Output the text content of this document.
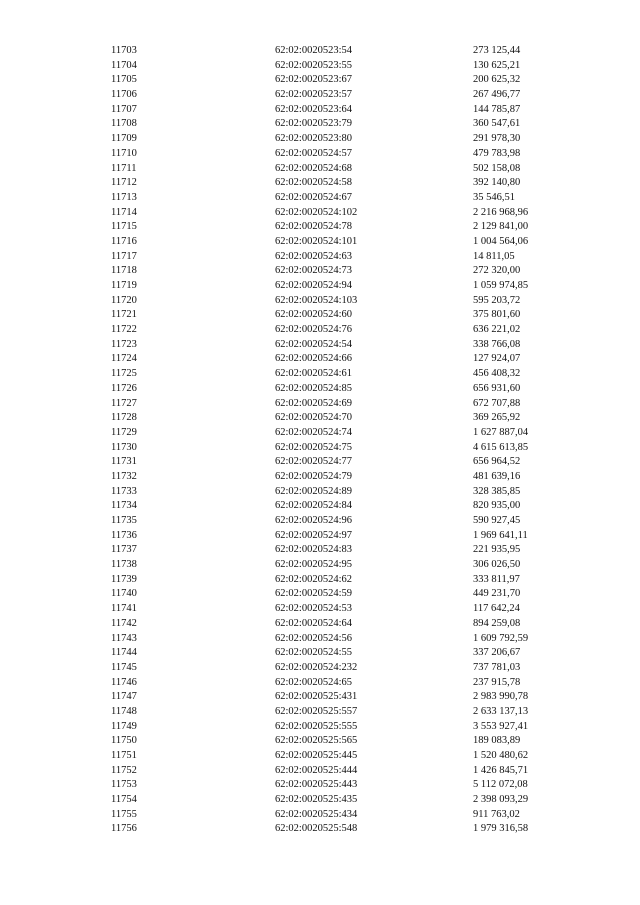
11703	62:02:0020523:54	273 125,44
11704	62:02:0020523:55	130 625,21
11705	62:02:0020523:67	200 625,32
11706	62:02:0020523:57	267 496,77
11707	62:02:0020523:64	144 785,87
11708	62:02:0020523:79	360 547,61
11709	62:02:0020523:80	291 978,30
11710	62:02:0020524:57	479 783,98
11711	62:02:0020524:68	502 158,08
11712	62:02:0020524:58	392 140,80
11713	62:02:0020524:67	35 546,51
11714	62:02:0020524:102	2 216 968,96
11715	62:02:0020524:78	2 129 841,00
11716	62:02:0020524:101	1 004 564,06
11717	62:02:0020524:63	14 811,05
11718	62:02:0020524:73	272 320,00
11719	62:02:0020524:94	1 059 974,85
11720	62:02:0020524:103	595 203,72
11721	62:02:0020524:60	375 801,60
11722	62:02:0020524:76	636 221,02
11723	62:02:0020524:54	338 766,08
11724	62:02:0020524:66	127 924,07
11725	62:02:0020524:61	456 408,32
11726	62:02:0020524:85	656 931,60
11727	62:02:0020524:69	672 707,88
11728	62:02:0020524:70	369 265,92
11729	62:02:0020524:74	1 627 887,04
11730	62:02:0020524:75	4 615 613,85
11731	62:02:0020524:77	656 964,52
11732	62:02:0020524:79	481 639,16
11733	62:02:0020524:89	328 385,85
11734	62:02:0020524:84	820 935,00
11735	62:02:0020524:96	590 927,45
11736	62:02:0020524:97	1 969 641,11
11737	62:02:0020524:83	221 935,95
11738	62:02:0020524:95	306 026,50
11739	62:02:0020524:62	333 811,97
11740	62:02:0020524:59	449 231,70
11741	62:02:0020524:53	117 642,24
11742	62:02:0020524:64	894 259,08
11743	62:02:0020524:56	1 609 792,59
11744	62:02:0020524:55	337 206,67
11745	62:02:0020524:232	737 781,03
11746	62:02:0020524:65	237 915,78
11747	62:02:0020525:431	2 983 990,78
11748	62:02:0020525:557	2 633 137,13
11749	62:02:0020525:555	3 553 927,41
11750	62:02:0020525:565	189 083,89
11751	62:02:0020525:445	1 520 480,62
11752	62:02:0020525:444	1 426 845,71
11753	62:02:0020525:443	5 112 072,08
11754	62:02:0020525:435	2 398 093,29
11755	62:02:0020525:434	911 763,02
11756	62:02:0020525:548	1 979 316,58
